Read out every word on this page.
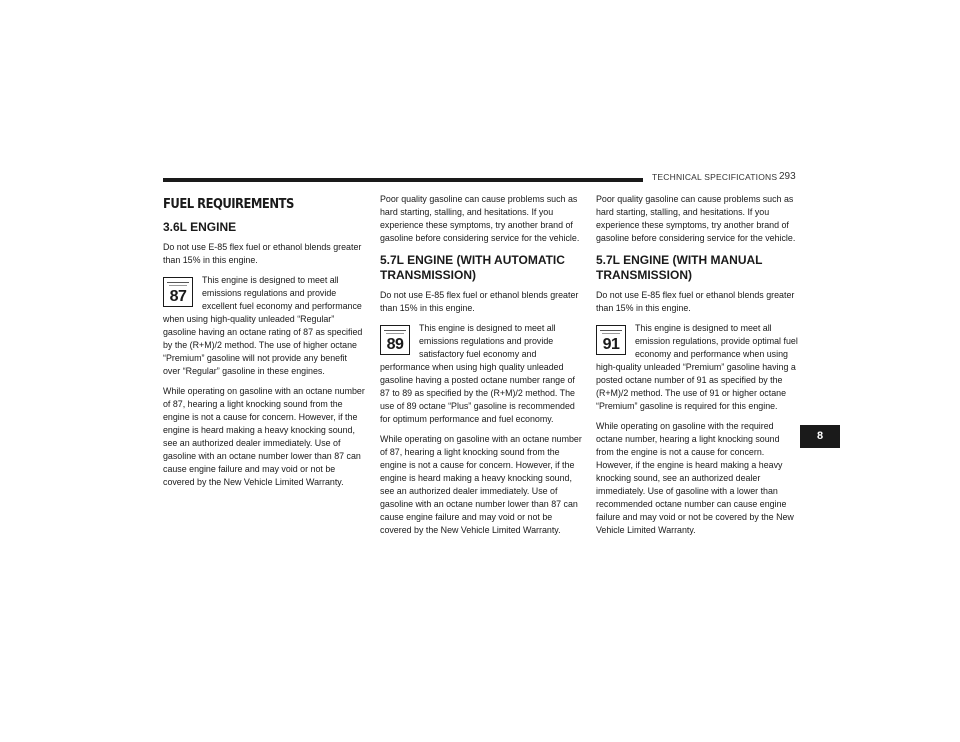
TECHNICAL SPECIFICATIONS 293
FUEL REQUIREMENTS
3.6L ENGINE

Do not use E-85 flex fuel or ethanol blends greater than 15% in this engine.

87

This engine is designed to meet all emissions regulations and provide excellent fuel economy and performance when using high-quality unleaded “Regular” gasoline having an octane rating of 87 as specified by the (R+M)/2 method. The use of higher octane “Premium” gasoline will not provide any benefit over “Regular” gasoline in these engines.

While operating on gasoline with an octane number of 87, hearing a light knocking sound from the engine is not a cause for concern. However, if the engine is heard making a heavy knocking sound, see an authorized dealer immediately. Use of gasoline with an octane number lower than 87 can cause engine failure and may void or not be covered by the New Vehicle Limited Warranty.

Poor quality gasoline can cause problems such as hard starting, stalling, and hesitations. If you experience these symptoms, try another brand of gasoline before considering service for the vehicle.

5.7L ENGINE (WITH AUTOMATIC
TRANSMISSION)

Do not use E-85 flex fuel or ethanol blends greater than 15% in this engine.

89

This engine is designed to meet all emissions regulations and provide satisfactory fuel economy and performance when using high quality unleaded gasoline having a posted octane number range of 87 to 89 as specified by the (R+M)/2 method. The use of 89 octane “Plus” gasoline is recommended for optimum performance and fuel economy.

While operating on gasoline with an octane number of 87, hearing a light knocking sound from the engine is not a cause for concern. However, if the engine is heard making a heavy knocking sound, see an authorized dealer immediately. Use of gasoline with an octane number lower than 87 can cause engine failure and may void or not be covered by the New Vehicle Limited Warranty.

Poor quality gasoline can cause problems such as hard starting, stalling, and hesitations. If you experience these symptoms, try another brand of gasoline before considering service for the vehicle.

5.7L ENGINE (WITH MANUAL
TRANSMISSION)

Do not use E-85 flex fuel or ethanol blends greater than 15% in this engine.

91

This engine is designed to meet all emission regulations, provide optimal fuel economy and performance when using high-quality unleaded “Premium” gasoline having a posted octane number of 91 as specified by the (R+M)/2 method. The use of 91 or higher octane “Premium” gasoline is required for this engine.

While operating on gasoline with the required octane number, hearing a light knocking sound from the engine is not a cause for concern. However, if the engine is heard making a heavy knocking sound, see an authorized dealer immediately. Use of gasoline with a lower than recommended octane number can cause engine failure and may void or not be covered by the New Vehicle Limited Warranty.

8
